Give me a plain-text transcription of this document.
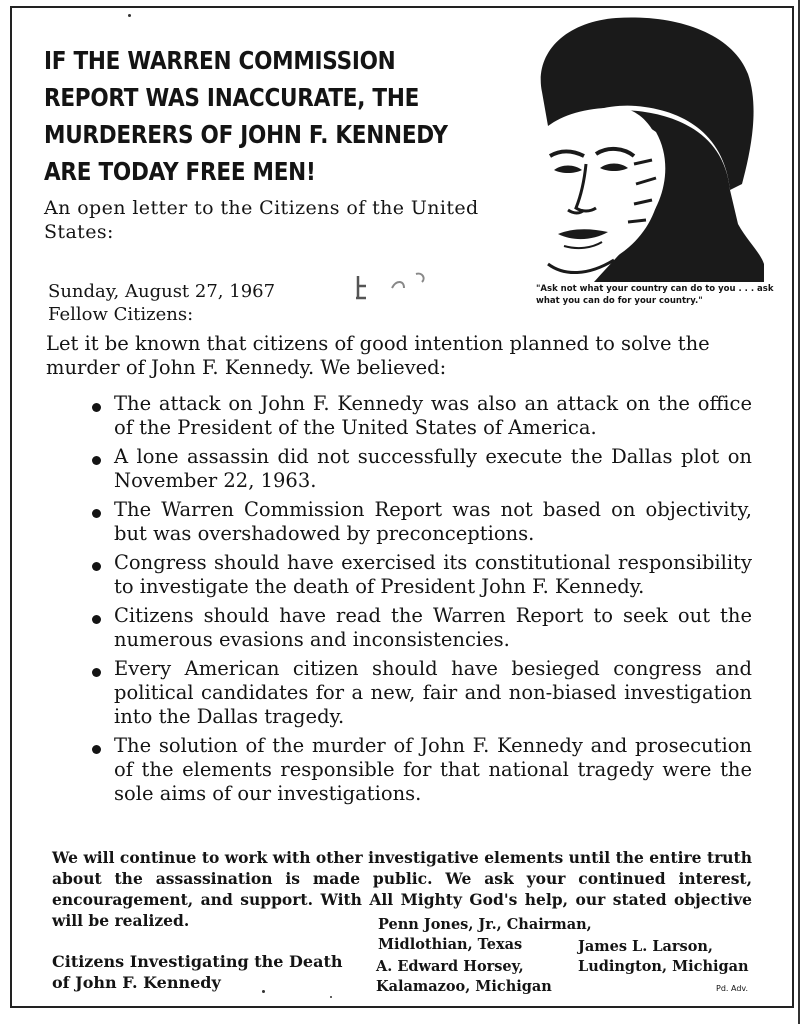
IF THE WARREN COMMISSION REPORT WAS INACCURATE, THE MURDERERS OF JOHN F. KENNEDY ARE TODAY FREE MEN!

An open letter to the Citizens of the United States:

"Ask not what your country can do to you . . . ask what you can do for your country."

Sunday, August 27, 1967

Fellow Citizens:

Let it be known that citizens of good intention planned to solve the murder of John F. Kennedy. We believed:

The attack on John F. Kennedy was also an attack on the office of the President of the United States of America.
A lone assassin did not successfully execute the Dallas plot on November 22, 1963.
The Warren Commission Report was not based on objectivity, but was overshadowed by preconceptions.
Congress should have exercised its constitutional responsibility to investigate the death of President John F. Kennedy.
Citizens should have read the Warren Report to seek out the numerous evasions and inconsistencies.
Every American citizen should have besieged congress and political candidates for a new, fair and non-biased investigation into the Dallas tragedy.
The solution of the murder of John F. Kennedy and prosecution of the elements responsible for that national tragedy were the sole aims of our investigations.

We will continue to work with other investigative elements until the entire truth about the assassination is made public. We ask your continued interest, encouragement, and support. With All Mighty God's help, our stated objective will be realized.

Citizens Investigating the Death
of John F. Kennedy

Penn Jones, Jr., Chairman,
Midlothian, Texas

A. Edward Horsey,
Kalamazoo, Michigan

James L. Larson,
Ludington, Michigan

Pd. Adv.
